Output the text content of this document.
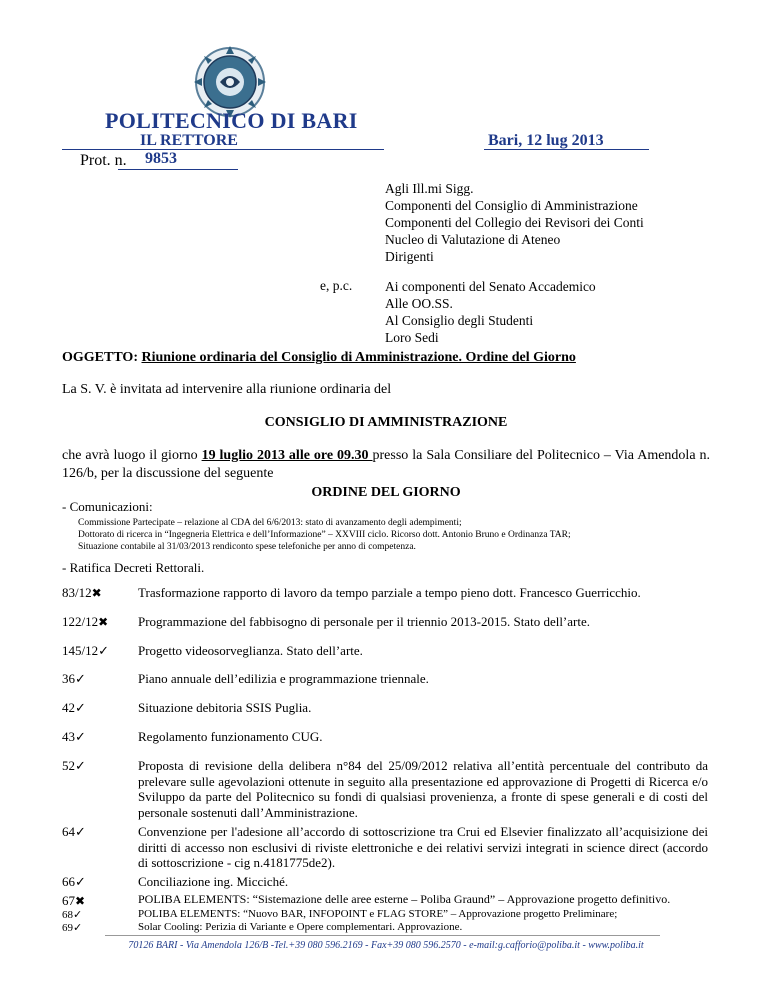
POLITECNICO DI BARI
IL RETTORE	Bari, 12 lug 2013
Prot. n. 9853
Agli Ill.mi Sigg.
Componenti del Consiglio di Amministrazione
Componenti del Collegio dei Revisori dei Conti
Nucleo di Valutazione di Ateneo
Dirigenti
e, p.c. Ai componenti del Senato Accademico
Alle OO.SS.
Al Consiglio degli Studenti
Loro Sedi
OGGETTO: Riunione ordinaria del Consiglio di Amministrazione. Ordine del Giorno
La S. V. è invitata ad intervenire alla riunione ordinaria del
CONSIGLIO DI AMMINISTRAZIONE
che avrà luogo il giorno 19 luglio 2013 alle ore 09.30 presso la Sala Consiliare del Politecnico – Via Amendola n. 126/b, per la discussione del seguente
ORDINE DEL GIORNO
- Comunicazioni:
Commissione Partecipate – relazione al CDA del 6/6/2013: stato di avanzamento degli adempimenti;
Dottorato di ricerca in “Ingegneria Elettrica e dell’Informazione” – XXVIII ciclo. Ricorso dott. Antonio Bruno e Ordinanza TAR;
Situazione contabile al 31/03/2013 rendiconto spese telefoniche per anno di competenza.
- Ratifica Decreti Rettorali.
83/12✖	Trasformazione rapporto di lavoro da tempo parziale a tempo pieno dott. Francesco Guerricchio.
122/12✖ Programmazione del fabbisogno di personale per il triennio 2013-2015. Stato dell’arte.
145/12✓ Progetto videosorveglianza. Stato dell’arte.
36✓	Piano annuale dell’edilizia e programmazione triennale.
42✓	Situazione debitoria SSIS Puglia.
43✓	Regolamento funzionamento CUG.
52✓	Proposta di revisione della delibera n°84 del 25/09/2012 relativa all’entità percentuale del contributo da prelevare sulle agevolazioni ottenute in seguito alla presentazione ed approvazione di Progetti di Ricerca e/o Sviluppo da parte del Politecnico su fondi di qualsiasi provenienza, a fronte di spese generali e di costi del personale sostenuti dall’Amministrazione.
64✓	Convenzione per l'adesione all’accordo di sottoscrizione tra Crui ed Elsevier finalizzato all’acquisizione dei diritti di accesso non esclusivi di riviste elettroniche e dei relativi servizi integrati in science direct (accordo di sottoscrizione - cig n.4181775de2).
66✓	Conciliazione ing. Micciché.
67✖	POLIBA ELEMENTS: “Sistemazione delle aree esterne – Poliba Graund” – Approvazione progetto definitivo.
68✓	POLIBA ELEMENTS: “Nuovo BAR, INFOPOINT e FLAG STORE” – Approvazione progetto Preliminare;
69✓	Solar Cooling: Perizia di Variante e Opere complementari. Approvazione.
70126 BARI - Via Amendola 126/B -Tel.+39 080 596.2169 - Fax+39 080 596.2570 - e-mail:g.cafforio@poliba.it - www.poliba.it
